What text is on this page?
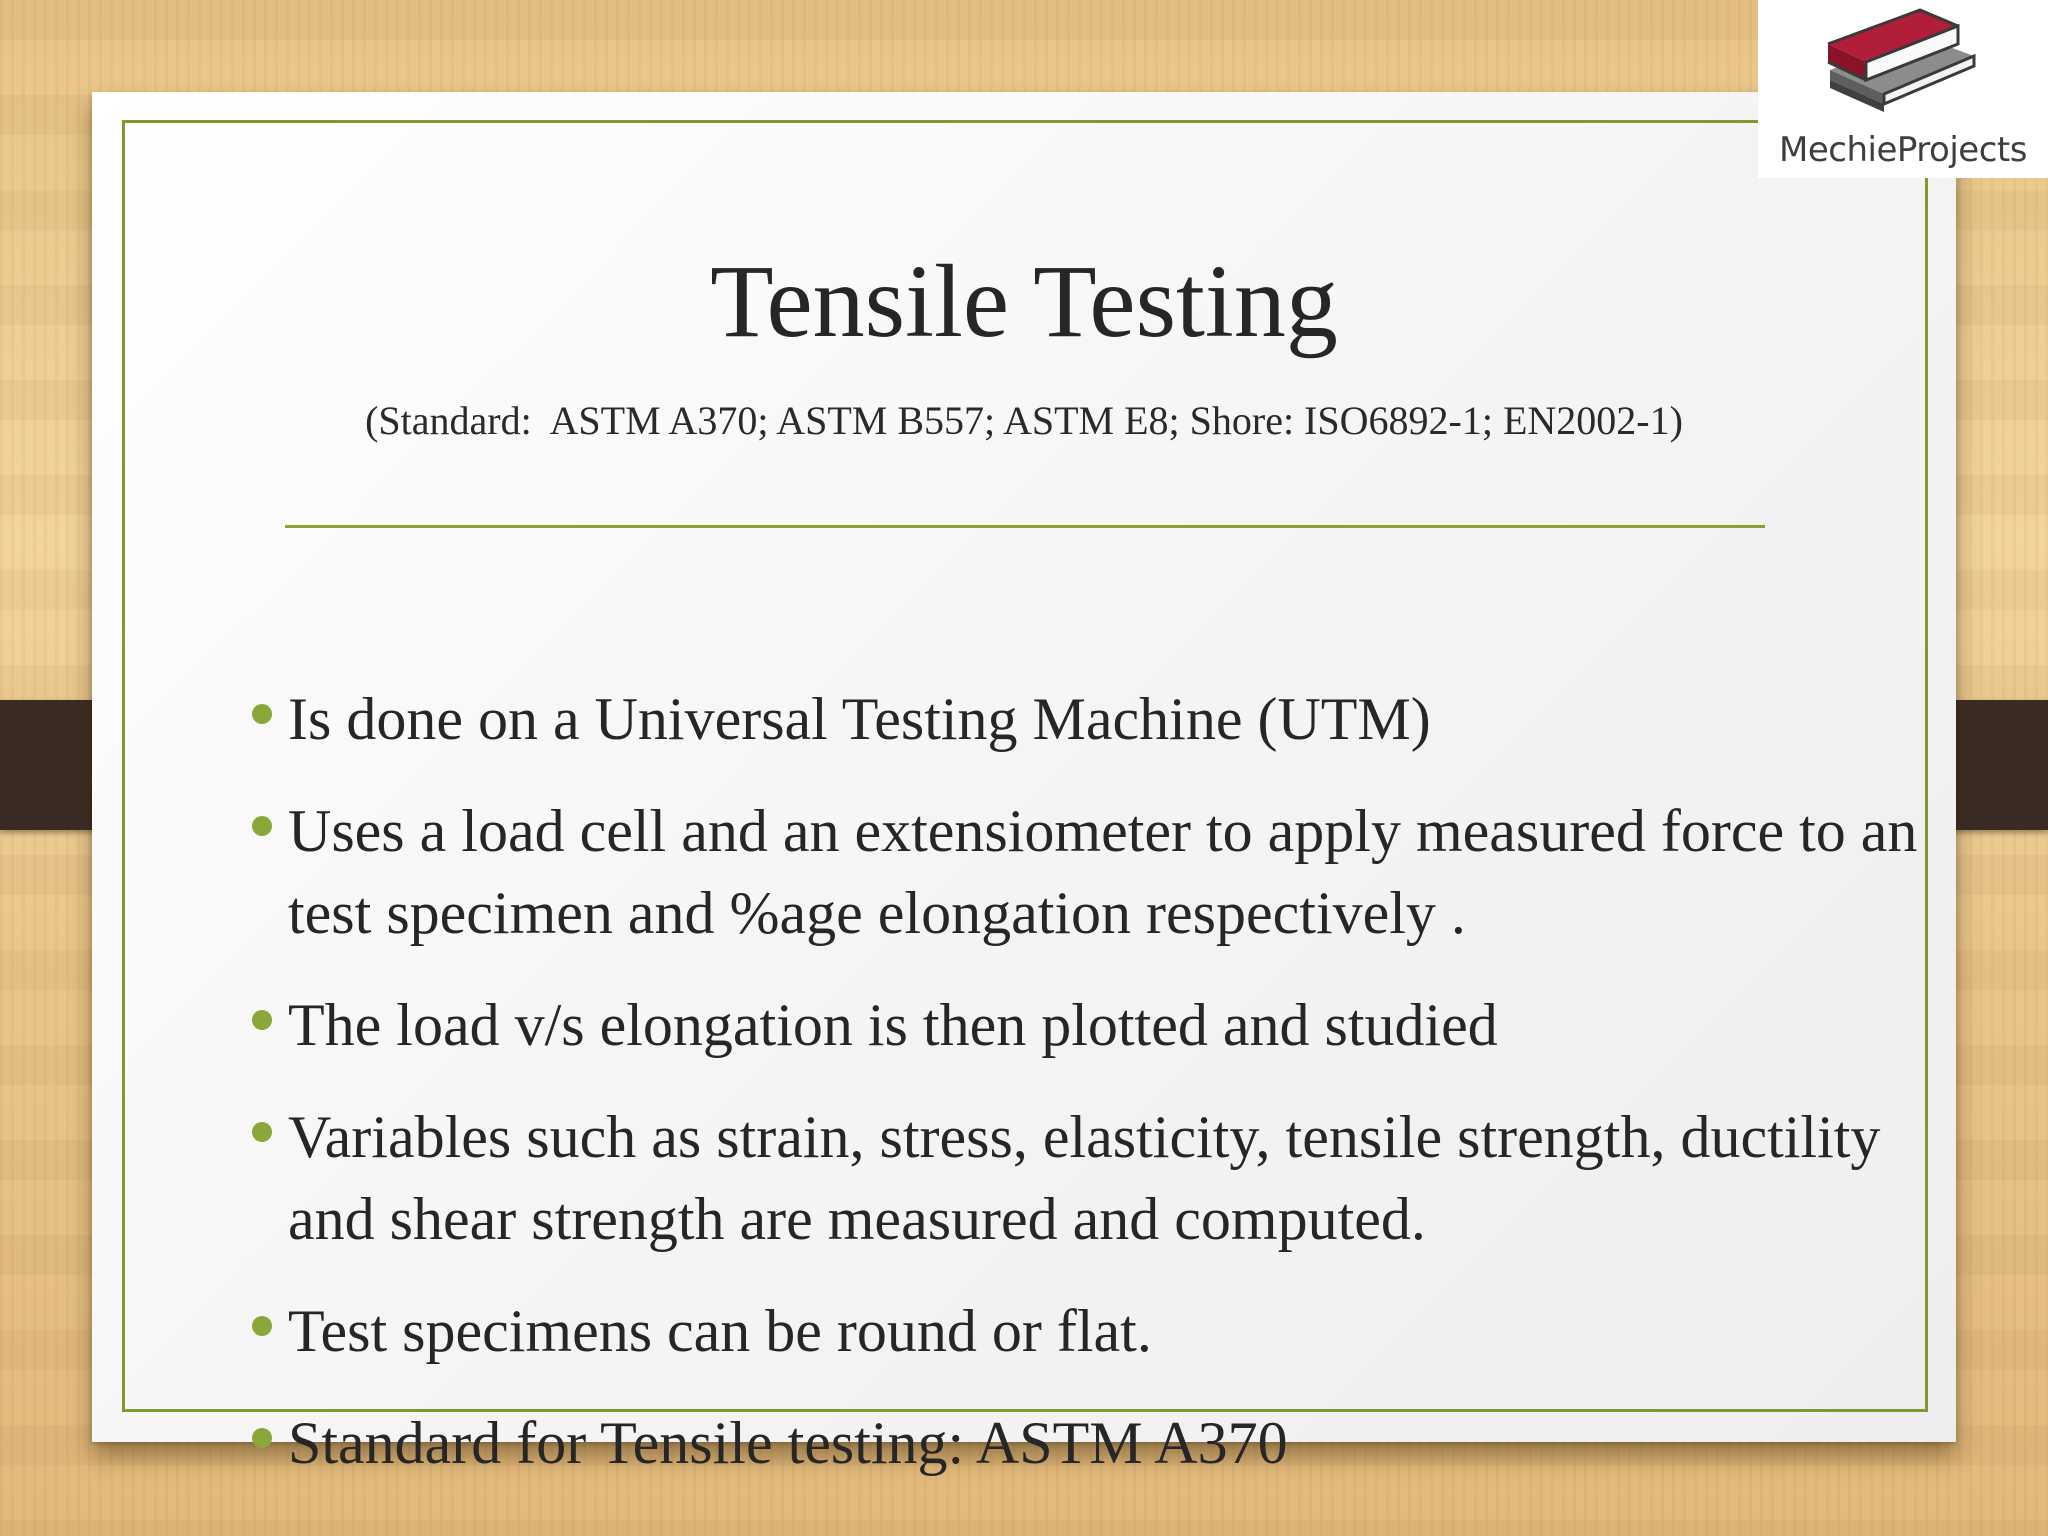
Tensile Testing
(Standard:  ASTM A370; ASTM B557; ASTM E8; Shore: ISO6892-1; EN2002-1)
Is done on a Universal Testing Machine (UTM)
Uses a load cell and an extensiometer to apply measured force to an test specimen and %age elongation respectively .
The load v/s elongation is then plotted and studied
Variables such as strain, stress, elasticity, tensile strength, ductility and shear strength are measured and computed.
Test specimens can be round or flat.
Standard for Tensile testing: ASTM A370
MechieProjects
